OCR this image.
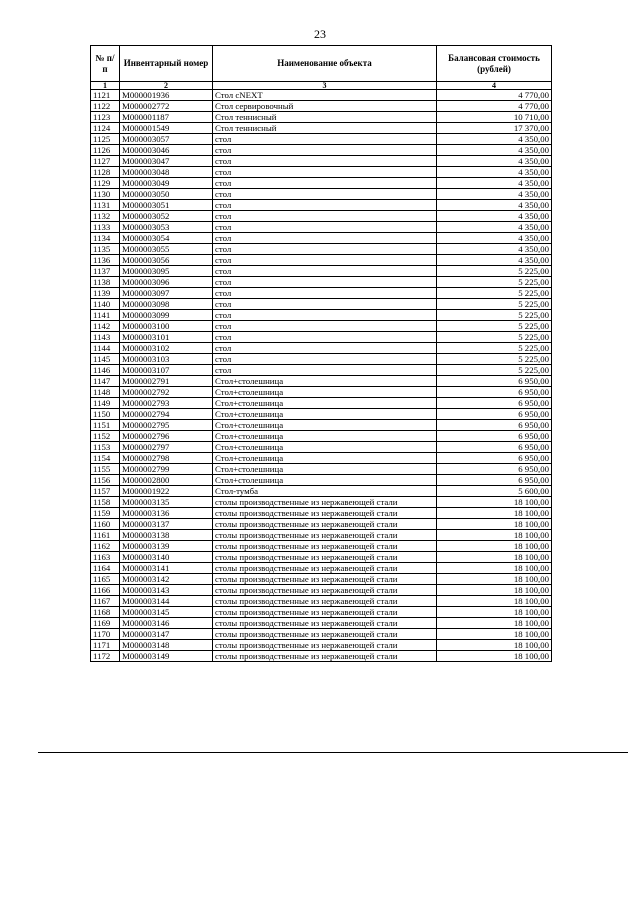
23
№ п/п	Инвентарный номер	Наименование объекта	Балансовая стоимость (рублей)
1	2	3	4
1121	М000001936	Стол cNEXT	4 770,00
1122	М000002772	Стол сервировочный	4 770,00
1123	М000001187	Стол теннисный	10 710,00
1124	М000001549	Стол теннисный	17 370,00
1125	М000003057	стол	4 350,00
1126	М000003046	стол	4 350,00
1127	М000003047	стол	4 350,00
1128	М000003048	стол	4 350,00
1129	М000003049	стол	4 350,00
1130	М000003050	стол	4 350,00
1131	М000003051	стол	4 350,00
1132	М000003052	стол	4 350,00
1133	М000003053	стол	4 350,00
1134	М000003054	стол	4 350,00
1135	М000003055	стол	4 350,00
1136	М000003056	стол	4 350,00
1137	М000003095	стол	5 225,00
1138	М000003096	стол	5 225,00
1139	М000003097	стол	5 225,00
1140	М000003098	стол	5 225,00
1141	М000003099	стол	5 225,00
1142	М000003100	стол	5 225,00
1143	М000003101	стол	5 225,00
1144	М000003102	стол	5 225,00
1145	М000003103	стол	5 225,00
1146	М000003107	стол	5 225,00
1147	М000002791	Стол+столешница	6 950,00
1148	М000002792	Стол+столешница	6 950,00
1149	М000002793	Стол+столешница	6 950,00
1150	М000002794	Стол+столешница	6 950,00
1151	М000002795	Стол+столешница	6 950,00
1152	М000002796	Стол+столешница	6 950,00
1153	М000002797	Стол+столешница	6 950,00
1154	М000002798	Стол+столешница	6 950,00
1155	М000002799	Стол+столешница	6 950,00
1156	М000002800	Стол+столешница	6 950,00
1157	М000001922	Стол-тумба	5 600,00
1158	М000003135	столы производственные из нержавеющей стали	18 100,00
1159	М000003136	столы производственные из нержавеющей стали	18 100,00
1160	М000003137	столы производственные из нержавеющей стали	18 100,00
1161	М000003138	столы производственные из нержавеющей стали	18 100,00
1162	М000003139	столы производственные из нержавеющей стали	18 100,00
1163	М000003140	столы производственные из нержавеющей стали	18 100,00
1164	М000003141	столы производственные из нержавеющей стали	18 100,00
1165	М000003142	столы производственные из нержавеющей стали	18 100,00
1166	М000003143	столы производственные из нержавеющей стали	18 100,00
1167	М000003144	столы производственные из нержавеющей стали	18 100,00
1168	М000003145	столы производственные из нержавеющей стали	18 100,00
1169	М000003146	столы производственные из нержавеющей стали	18 100,00
1170	М000003147	столы производственные из нержавеющей стали	18 100,00
1171	М000003148	столы производственные из нержавеющей стали	18 100,00
1172	М000003149	столы производственные из нержавеющей стали	18 100,00
